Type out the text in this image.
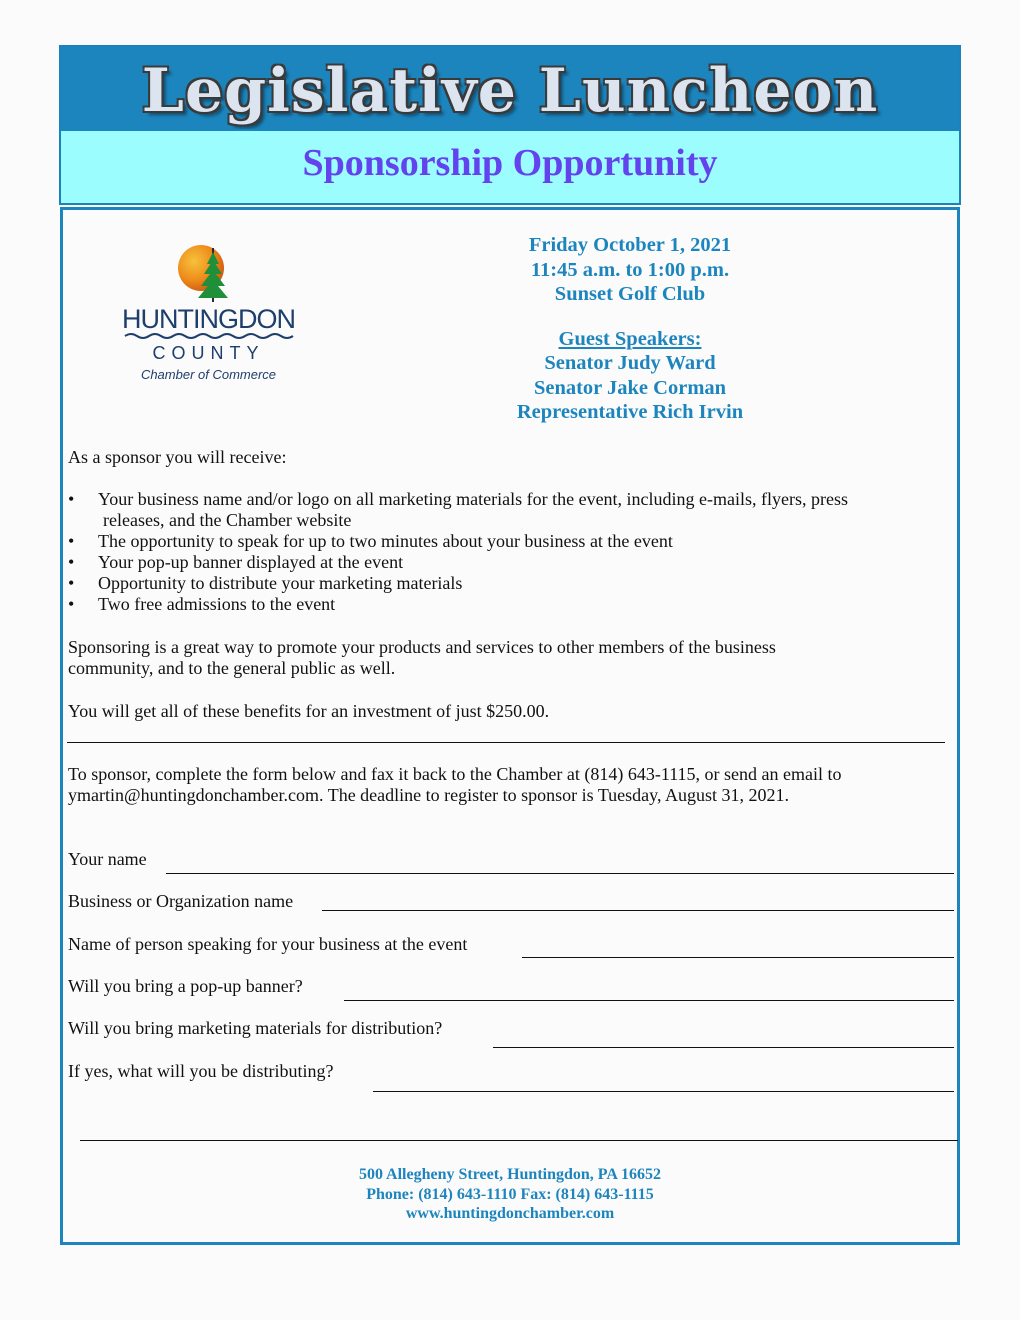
Legislative Luncheon
Sponsorship Opportunity
HUNTINGDON
COUNTY
Chamber of Commerce
Friday October 1, 2021
11:45 a.m. to 1:00 p.m.
Sunset Golf Club
Guest Speakers:
Senator Judy Ward
Senator Jake Corman
Representative Rich Irvin
As a sponsor you will receive:
• Your business name and/or logo on all marketing materials for the event, including e-mails, flyers, press
releases, and the Chamber website
• The opportunity to speak for up to two minutes about your business at the event
• Your pop-up banner displayed at the event
• Opportunity to distribute your marketing materials
• Two free admissions to the event
Sponsoring is a great way to promote your products and services to other members of the business
community, and to the general public as well.
You will get all of these benefits for an investment of just $250.00.
To sponsor, complete the form below and fax it back to the Chamber at (814) 643-1115, or send an email to
ymartin@huntingdonchamber.com. The deadline to register to sponsor is Tuesday, August 31, 2021.
Your name
Business or Organization name
Name of person speaking for your business at the event
Will you bring a pop-up banner?
Will you bring marketing materials for distribution?
If yes, what will you be distributing?
500 Allegheny Street, Huntingdon, PA 16652
Phone: (814) 643-1110 Fax: (814) 643-1115
www.huntingdonchamber.com
